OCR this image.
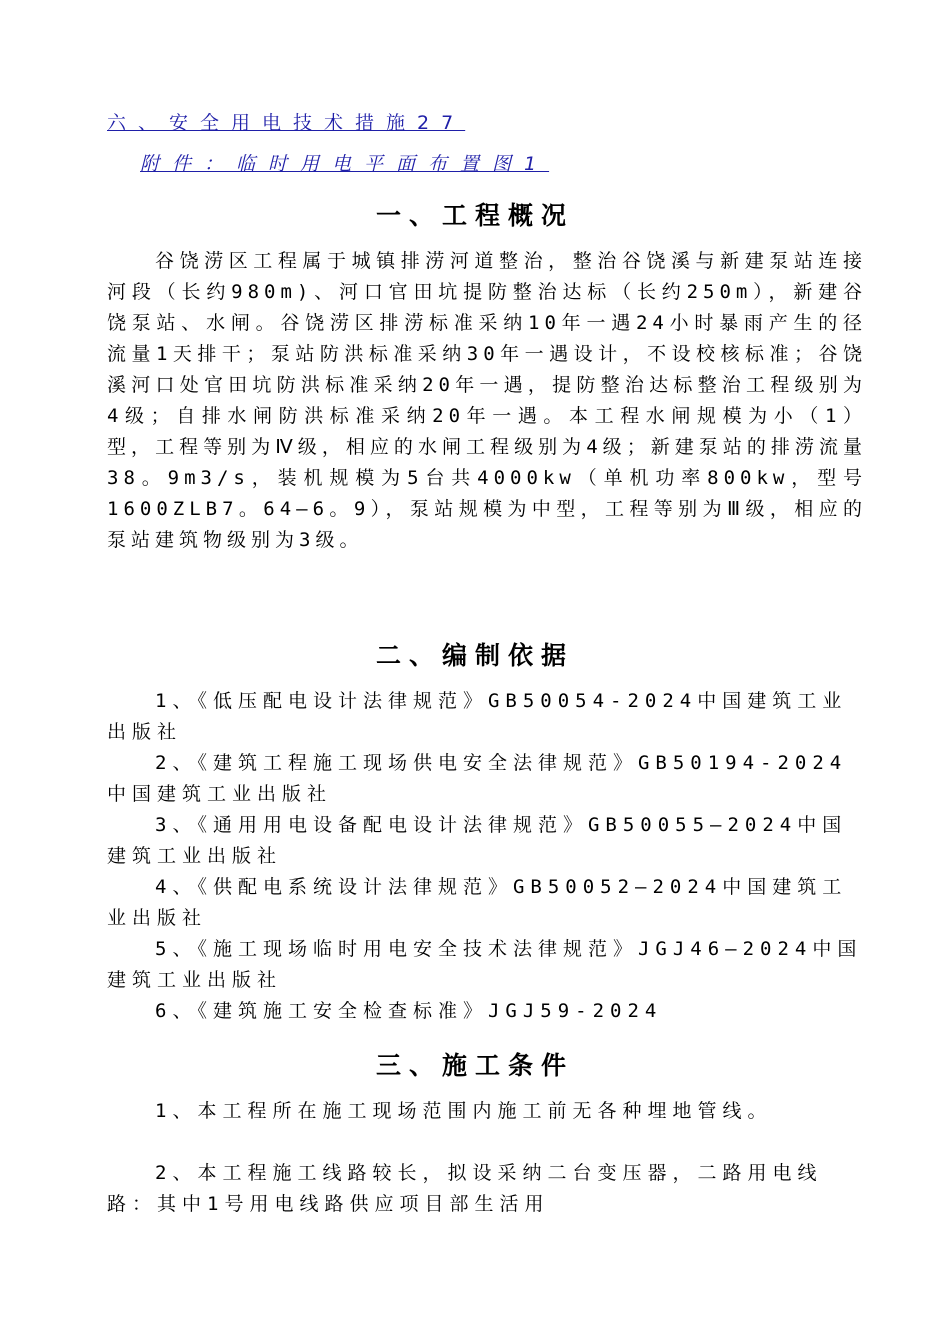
六、安全用电技术措施27
附件：临时用电平面布置图1
一、工程概况
谷饶涝区工程属于城镇排涝河道整治，整治谷饶溪与新建泵站连接河段（长约980m)、河口官田坑提防整治达标（长约250m），新建谷饶泵站、水闸。谷饶涝区排涝标准采纳10年一遇24小时暴雨产生的径流量1天排干；泵站防洪标准采纳30年一遇设计，不设校核标准；谷饶溪河口处官田坑防洪标准采纳20年一遇，提防整治达标整治工程级别为4级；自排水闸防洪标准采纳20年一遇。本工程水闸规模为小（1）型，工程等别为Ⅳ级，相应的水闸工程级别为4级；新建泵站的排涝流量38。9m3/s，装机规模为5台共4000kw（单机功率800kw，型号1600ZLB7。64—6。9），泵站规模为中型，工程等别为Ⅲ级，相应的泵站建筑物级别为3级。
二、编制依据
1、《低压配电设计法律规范》GB50054-2024中国建筑工业出版社
2、《建筑工程施工现场供电安全法律规范》GB50194-2024中国建筑工业出版社
3、《通用用电设备配电设计法律规范》GB50055—2024中国建筑工业出版社
4、《供配电系统设计法律规范》GB50052—2024中国建筑工业出版社
5、《施工现场临时用电安全技术法律规范》JGJ46—2024中国建筑工业出版社
6、《建筑施工安全检查标准》JGJ59-2024
三、施工条件
1、本工程所在施工现场范围内施工前无各种埋地管线。
2、本工程施工线路较长，拟设采纳二台变压器，二路用电线路：其中1号用电线路供应项目部生活用
